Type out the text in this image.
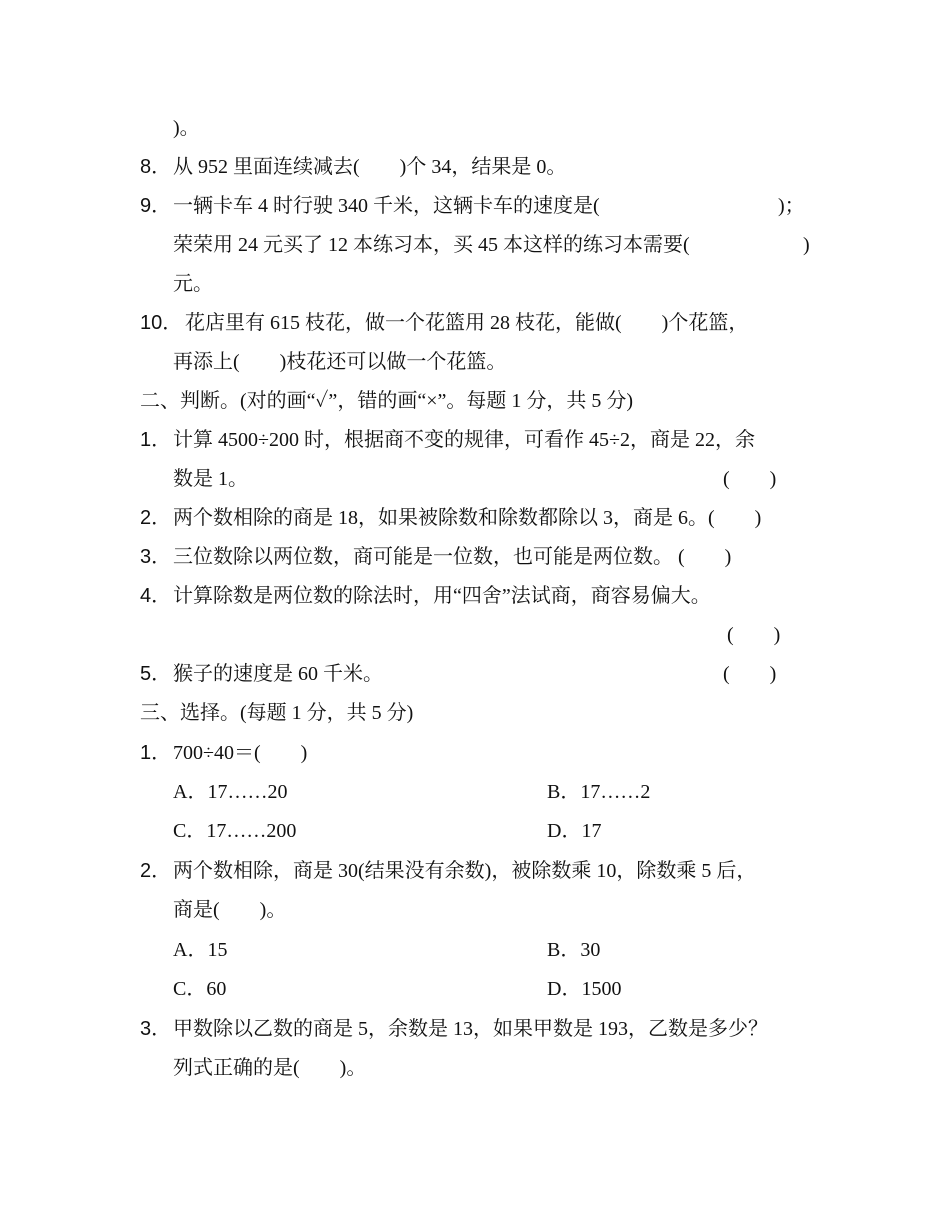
)。
8． 从 952 里面连续减去(　　)个 34，结果是 0。
9． 一辆卡车 4 时行驶 340 千米，这辆卡车的速度是(	)；
荣荣用 24 元买了 12 本练习本，买 45 本这样的练习本需要(	)
元。
10． 花店里有 615 枝花，做一个花篮用 28 枝花，能做(　　)个花篮，
再添上(　　)枝花还可以做一个花篮。
二、判断。(对的画“✓”，错的画“×”。每题 1 分，共 5 分)
1． 计算 4500÷200 时，根据商不变的规律，可看作 45÷2，商是 22，余
数是 1。	(　　)
2． 两个数相除的商是 18，如果被除数和除数都除以 3，商是 6。(　　)
3． 三位数除以两位数，商可能是一位数，也可能是两位数。 (　　)
4． 计算除数是两位数的除法时，用“四舍”法试商，商容易偏大。
(　　)
5． 猴子的速度是 60 千米。	(　　)
三、选择。(每题 1 分，共 5 分)
1． 700÷40＝(　　)
A．17……20	B．17……2
C．17……200	D．17
2． 两个数相除，商是 30(结果没有余数)，被除数乘 10，除数乘 5 后，
商是(　　)。
A．15	B．30
C．60	D．1500
3． 甲数除以乙数的商是 5，余数是 13，如果甲数是 193，乙数是多少？
列式正确的是(　　)。
